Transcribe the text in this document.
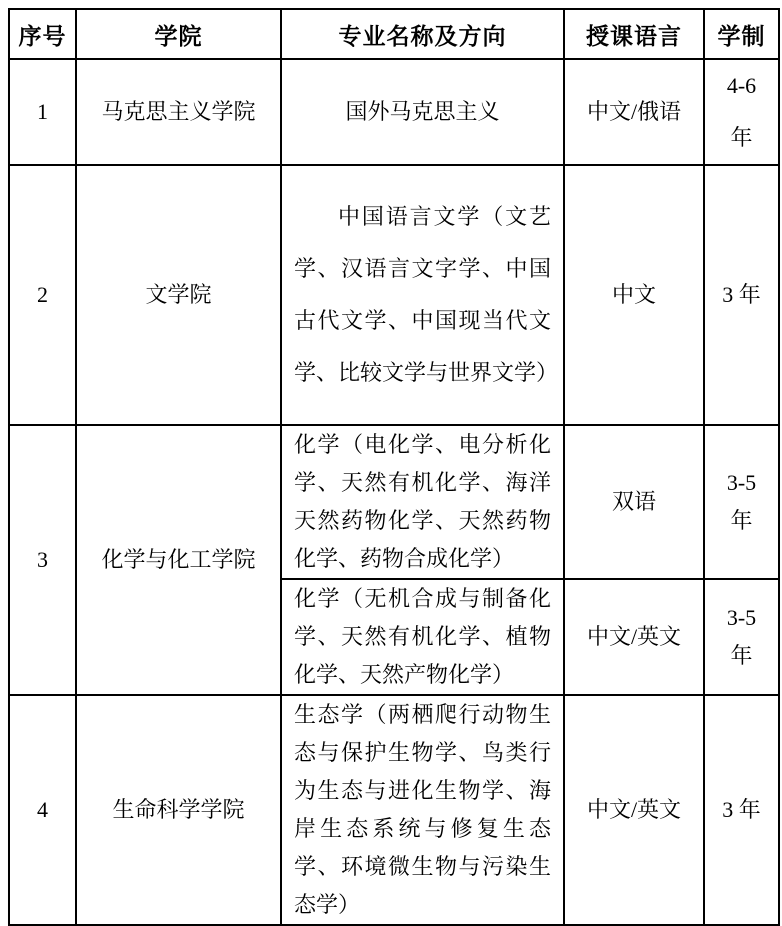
序号	学院	专业名称及方向	授课语言	学制
1	马克思主义学院	国外马克思主义	中文/俄语	4-6 年
2	文学院	中国语言文学（文艺学、汉语言文字学、中国古代文学、中国现当代文学、比较文学与世界文学）	中文	3 年
3	化学与化工学院	化学（电化学、电分析化学、天然有机化学、海洋天然药物化学、天然药物化学、药物合成化学）	双语	3-5 年
		化学（无机合成与制备化学、天然有机化学、植物化学、天然产物化学）	中文/英文	3-5 年
4	生命科学学院	生态学（两栖爬行动物生态与保护生物学、鸟类行为生态与进化生物学、海岸生态系统与修复生态学、环境微生物与污染生态学）	中文/英文	3 年
